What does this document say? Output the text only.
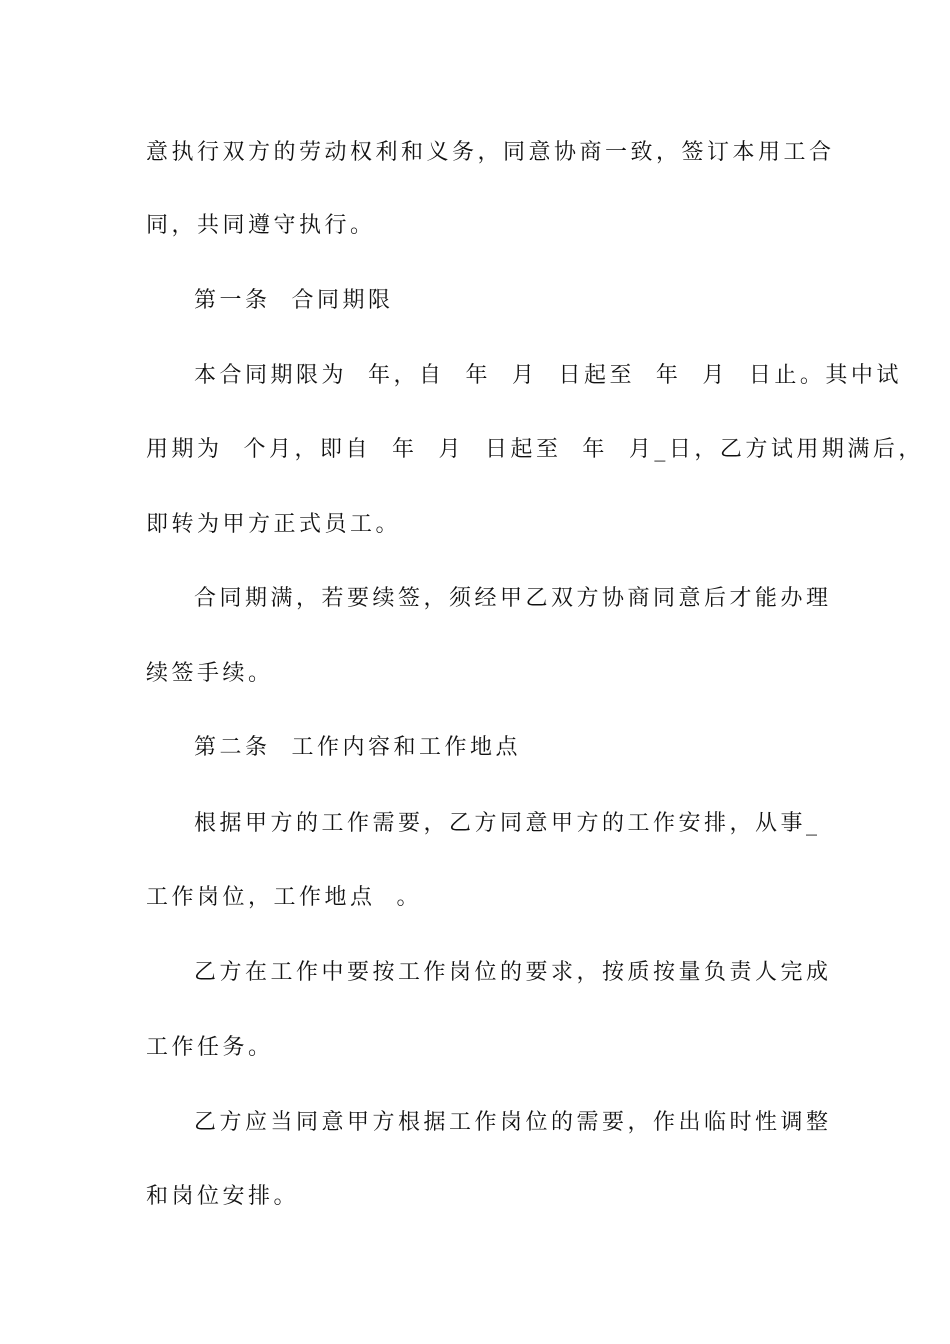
意执行双方的劳动权利和义务，同意协商一致，签订本用工合
同，共同遵守执行。
第一条  合同期限
本合同期限为  年，自  年  月  日起至  年  月  日止。其中试
用期为  个月，即自  年  月  日起至  年  月_日，乙方试用期满后，
即转为甲方正式员工。
合同期满，若要续签，须经甲乙双方协商同意后才能办理
续签手续。
第二条  工作内容和工作地点
根据甲方的工作需要，乙方同意甲方的工作安排，从事_
工作岗位，工作地点  。
乙方在工作中要按工作岗位的要求，按质按量负责人完成
工作任务。
乙方应当同意甲方根据工作岗位的需要，作出临时性调整
和岗位安排。
